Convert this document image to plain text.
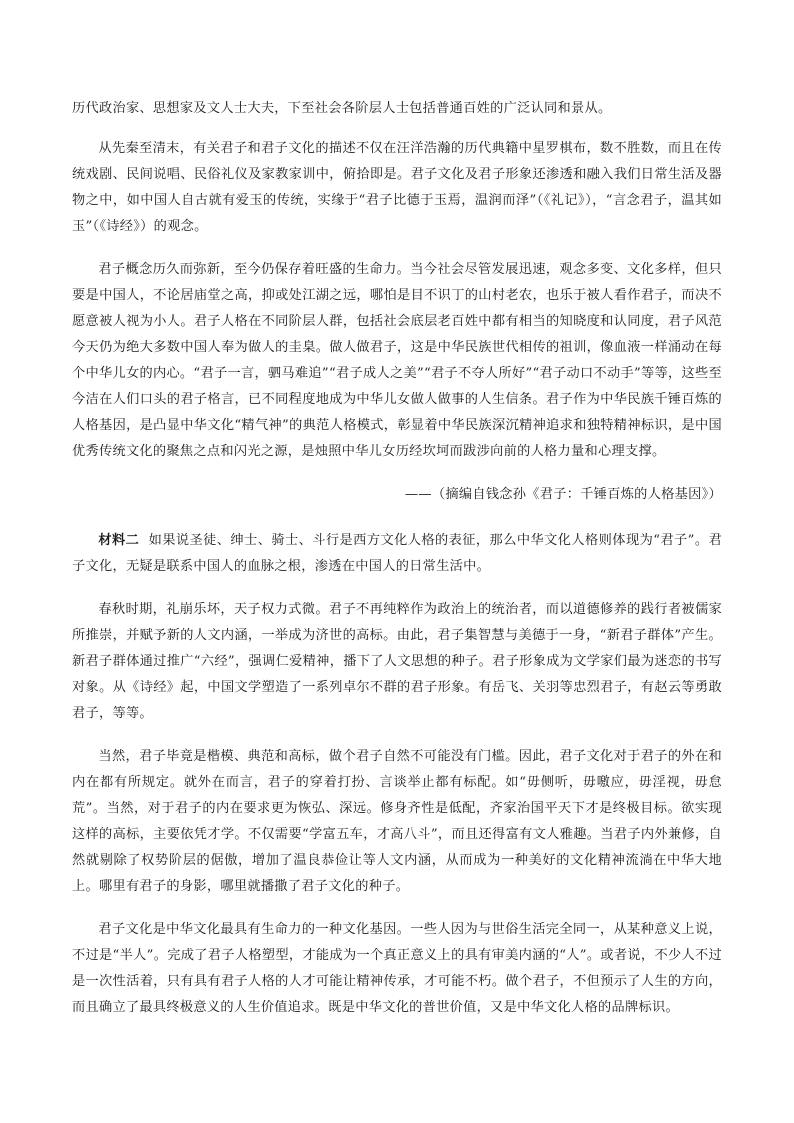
历代政治家、思想家及文人士大夫，下至社会各阶层人士包括普通百姓的广泛认同和景从。

从先秦至清末，有关君子和君子文化的描述不仅在汪洋浩瀚的历代典籍中星罗棋布，数不胜数，而且在传统戏剧、民间说唱、民俗礼仪及家教家训中，俯拾即是。君子文化及君子形象还渗透和融入我们日常生活及器物之中，如中国人自古就有爱玉的传统，实缘于“君子比德于玉焉，温润而泽”（《礼记》），“言念君子，温其如玉”（《诗经》）的观念。

君子概念历久而弥新，至今仍保存着旺盛的生命力。当今社会尽管发展迅速，观念多变、文化多样，但只要是中国人，不论居庙堂之高，抑或处江湖之远，哪怕是目不识丁的山村老农，也乐于被人看作君子，而决不愿意被人视为小人。君子人格在不同阶层人群，包括社会底层老百姓中都有相当的知晓度和认同度，君子风范今天仍为绝大多数中国人奉为做人的圭臬。做人做君子，这是中华民族世代相传的祖训，像血液一样涌动在每个中华儿女的内心。“君子一言，驷马难追”“君子成人之美”“君子不夺人所好”“君子动口不动手”等等，这些至今洁在人们口头的君子格言，已不同程度地成为中华儿女做人做事的人生信条。君子作为中华民族千锤百炼的人格基因，是凸显中华文化“精气神”的典范人格模式，彰显着中华民族深沉精神追求和独特精神标识，是中国优秀传统文化的聚焦之点和闪光之源，是烛照中华儿女历经坎坷而跋涉向前的人格力量和心理支撑。

——（摘编自钱念孙《君子：千锤百炼的人格基因》）

材料二 如果说圣徒、绅士、骑士、斗行是西方文化人格的表征，那么中华文化人格则体现为“君子”。君子文化，无疑是联系中国人的血脉之根，渗透在中国人的日常生活中。

春秋时期，礼崩乐坏，天子权力式微。君子不再纯粹作为政治上的统治者，而以道德修养的践行者被儒家所推崇，并赋予新的人文内涵，一举成为济世的高标。由此，君子集智慧与美德于一身，“新君子群体”产生。新君子群体通过推广“六经”，强调仁爱精神，播下了人文思想的种子。君子形象成为文学家们最为迷恋的书写对象。从《诗经》起，中国文学塑造了一系列卓尔不群的君子形象。有岳飞、关羽等忠烈君子，有赵云等勇敢君子，等等。

当然，君子毕竟是楷模、典范和高标，做个君子自然不可能没有门槛。因此，君子文化对于君子的外在和内在都有所规定。就外在而言，君子的穿着打扮、言谈举止都有标配。如“毋侧听，毋噭应，毋淫视，毋怠荒”。当然，对于君子的内在要求更为恢弘、深远。修身齐性是低配，齐家治国平天下才是终极目标。欲实现这样的高标，主要依凭才学。不仅需要“学富五车，才高八斗”，而且还得富有文人雅趣。当君子内外兼修，自然就剔除了权势阶层的倨傲，增加了温良恭俭让等人文内涵，从而成为一种美好的文化精神流淌在中华大地上。哪里有君子的身影，哪里就播撒了君子文化的种子。

君子文化是中华文化最具有生命力的一种文化基因。一些人因为与世俗生活完全同一，从某种意义上说，不过是“半人”。完成了君子人格塑型，才能成为一个真正意义上的具有审美内涵的“人”。或者说，不少人不过是一次性活着，只有具有君子人格的人才可能让精神传承，才可能不朽。做个君子，不但预示了人生的方向，而且确立了最具终极意义的人生价值追求。既是中华文化的普世价值，又是中华文化人格的品牌标识。
